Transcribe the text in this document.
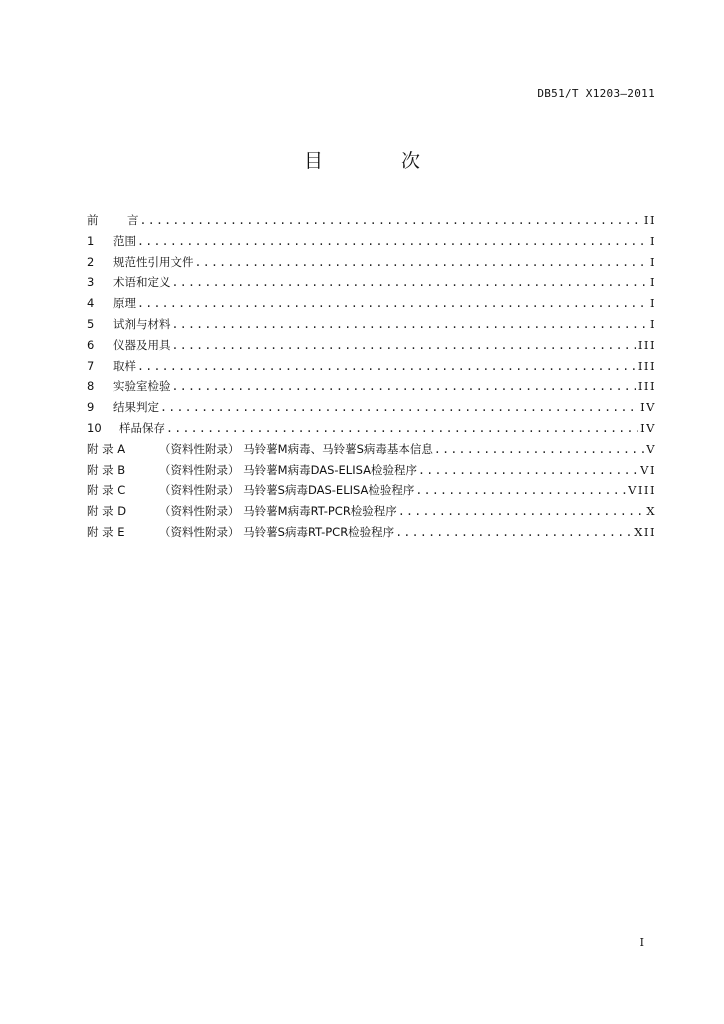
DB51/T X1203—2011
目 次
前	言 .....	II
1	范围 .....	I
2	规范性引用文件 .....	I
3	术语和定义 .....	I
4	原理 .....	I
5	试剂与材料 .....	I
6	仪器及用具 .....	III
7	取样 .....	III
8	实验室检验 .....	III
9	结果判定 .....	IV
10	样品保存 .....	IV
附 录 A	（资料性附录） 马铃薯M病毒、马铃薯S病毒基本信息 .....	V
附 录 B	（资料性附录） 马铃薯M病毒DAS-ELISA检验程序 .....	VI
附 录 C	（资料性附录） 马铃薯S病毒DAS-ELISA检验程序 .....	VIII
附 录 D	（资料性附录） 马铃薯M病毒RT-PCR检验程序 .....	X
附 录 E	（资料性附录） 马铃薯S病毒RT-PCR检验程序 .....	XII
I
